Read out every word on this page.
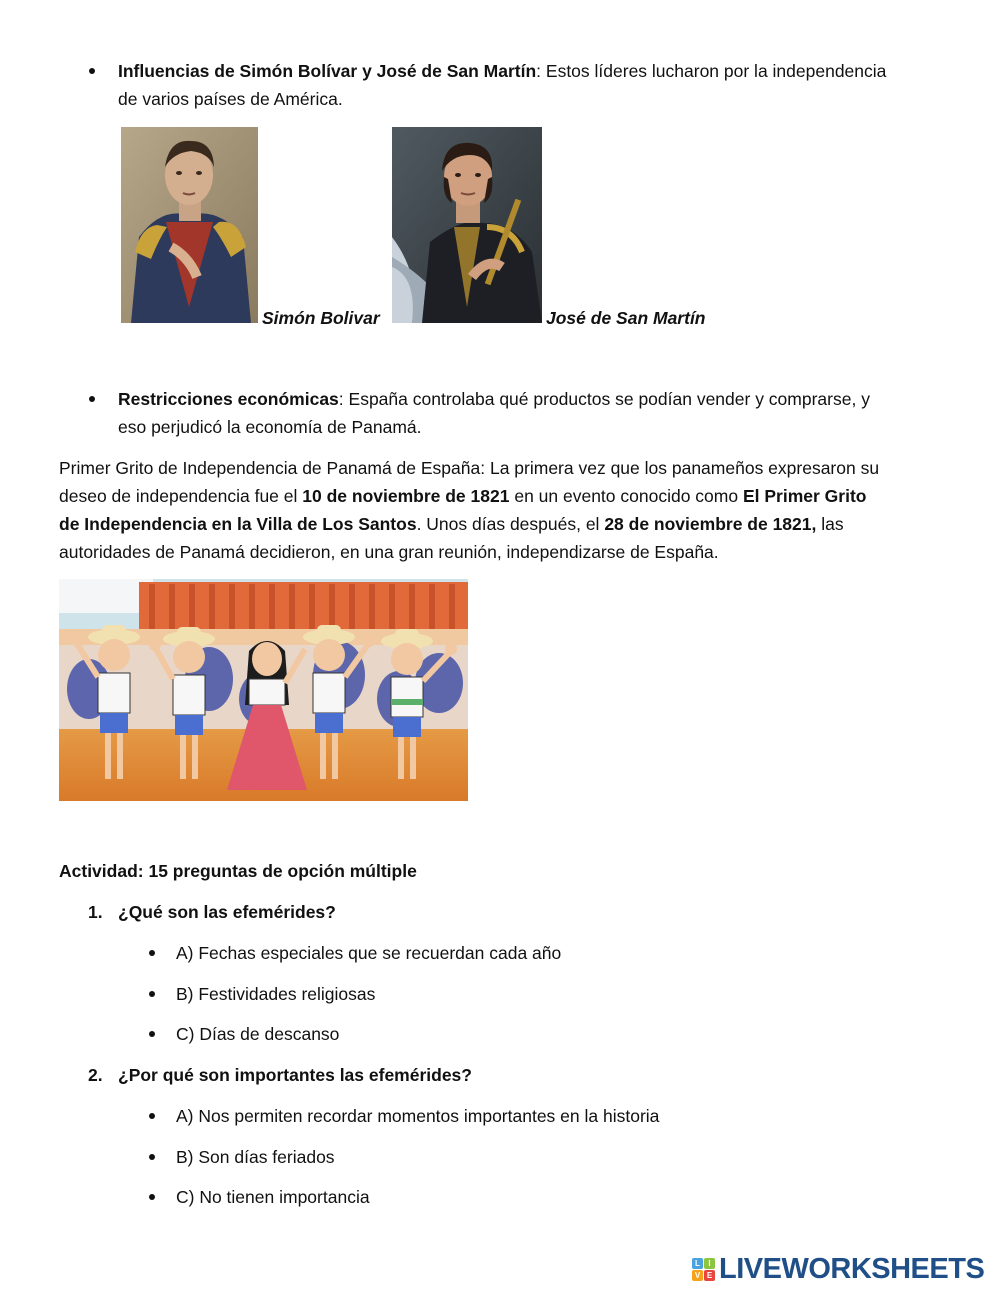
Influencias de Simón Bolívar y José de San Martín: Estos líderes lucharon por la independencia
de varios países de América.
Simón Bolivar	José de San Martín
Restricciones económicas: España controlaba qué productos se podían vender y comprarse, y
eso perjudicó la economía de Panamá.
Primer Grito de Independencia de Panamá de España: La primera vez que los panameños expresaron su
deseo de independencia fue el 10 de noviembre de 1821 en un evento conocido como El Primer Grito
de Independencia en la Villa de Los Santos. Unos días después, el 28 de noviembre de 1821, las
autoridades de Panamá decidieron, en una gran reunión, independizarse de España.
Actividad: 15 preguntas de opción múltiple
1. ¿Qué son las efemérides?
A) Fechas especiales que se recuerdan cada año
B) Festividades religiosas
C) Días de descanso
2. ¿Por qué son importantes las efemérides?
A) Nos permiten recordar momentos importantes en la historia
B) Son días feriados
C) No tienen importancia
L	I
V E LIVEWORKSHEETS
